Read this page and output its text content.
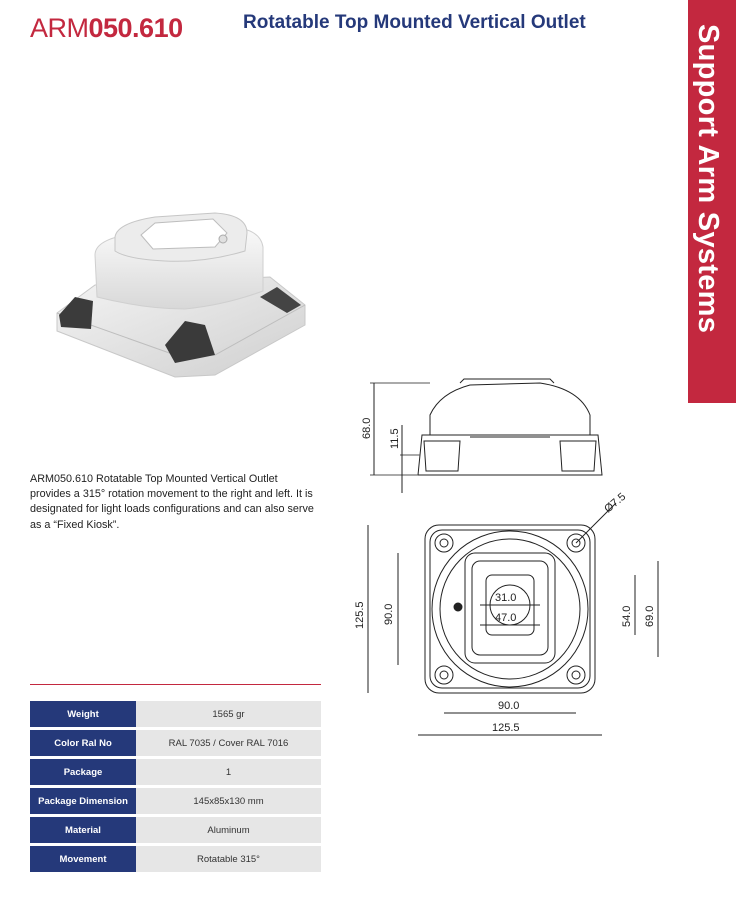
ARM050.610	Rotatable Top Mounted Vertical Outlet
Support Arm Systems
ARM050.610 Rotatable Top Mounted Vertical Outlet provides a 315° rotation movement to the right and left. It is designated for light loads configurations and can also serve as a “Fixed Kiosk”.
Weight	1565 gr
Color Ral No	RAL 7035 / Cover RAL 7016
Package	1
Package Dimension	145x85x130 mm
Material	Aluminum
Movement	Rotatable 315°
68.0 11.5
Ø7.5
31.0
47.0	54.0 69.0
125.5 90.0
90.0
125.5
